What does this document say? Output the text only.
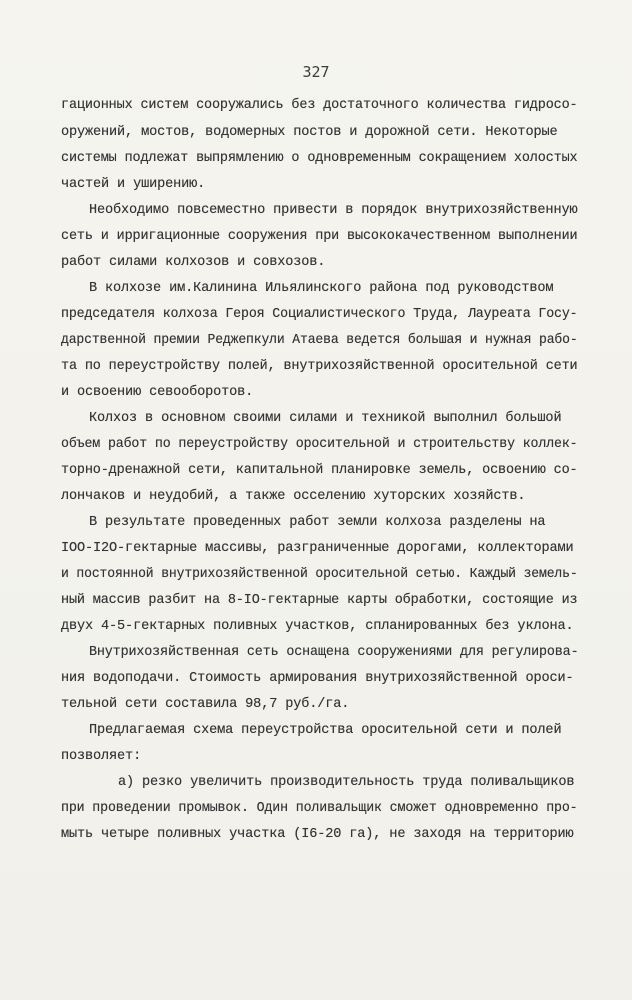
327
гационных систем сооружались без достаточного количества гидросо-
оружений, мостов, водомерных постов и дорожной сети. Некоторые
системы подлежат выпрямлению о одновременным сокращением холостых
частей и уширению.
Необходимо повсеместно привести в порядок внутрихозяйственную
сеть и ирригационные сооружения при высококачественном выполнении
работ силами колхозов и совхозов.
В колхозе им.Калинина Ильялинского района под руководством
председателя колхоза Героя Социалистического Труда, Лауреата Госу-
дарственной премии Реджепкули Атаева ведется большая и нужная рабо-
та по переустройству полей, внутрихозяйственной оросительной сети
и освоению севооборотов.
Колхоз в основном своими силами и техникой выполнил большой
объем работ по переустройству оросительной и строительству коллек-
торно-дренажной сети, капитальной планировке земель, освоению со-
лончаков и неудобий, а также осселению хуторских хозяйств.
В результате проведенных работ земли колхоза разделены на
IOO-I2O-гектарные массивы, разграниченные дорогами, коллекторами
и постоянной внутрихозяйственной оросительной сетью. Каждый земель-
ный массив разбит на 8-IO-гектарные карты обработки, состоящие из
двух 4-5-гектарных поливных участков, спланированных без уклона.
Внутрихозяйственная сеть оснащена сооружениями для регулирова-
ния водоподачи. Стоимость армирования внутрихозяйственной ороси-
тельной сети составила 98,7 руб./га.
Предлагаемая схема переустройства оросительной сети и полей
позволяет:
а) резко увеличить производительность труда поливальщиков
при проведении промывок. Один поливальщик сможет одновременно про-
мыть четыре поливных участка (I6-20 га), не заходя на территорию
